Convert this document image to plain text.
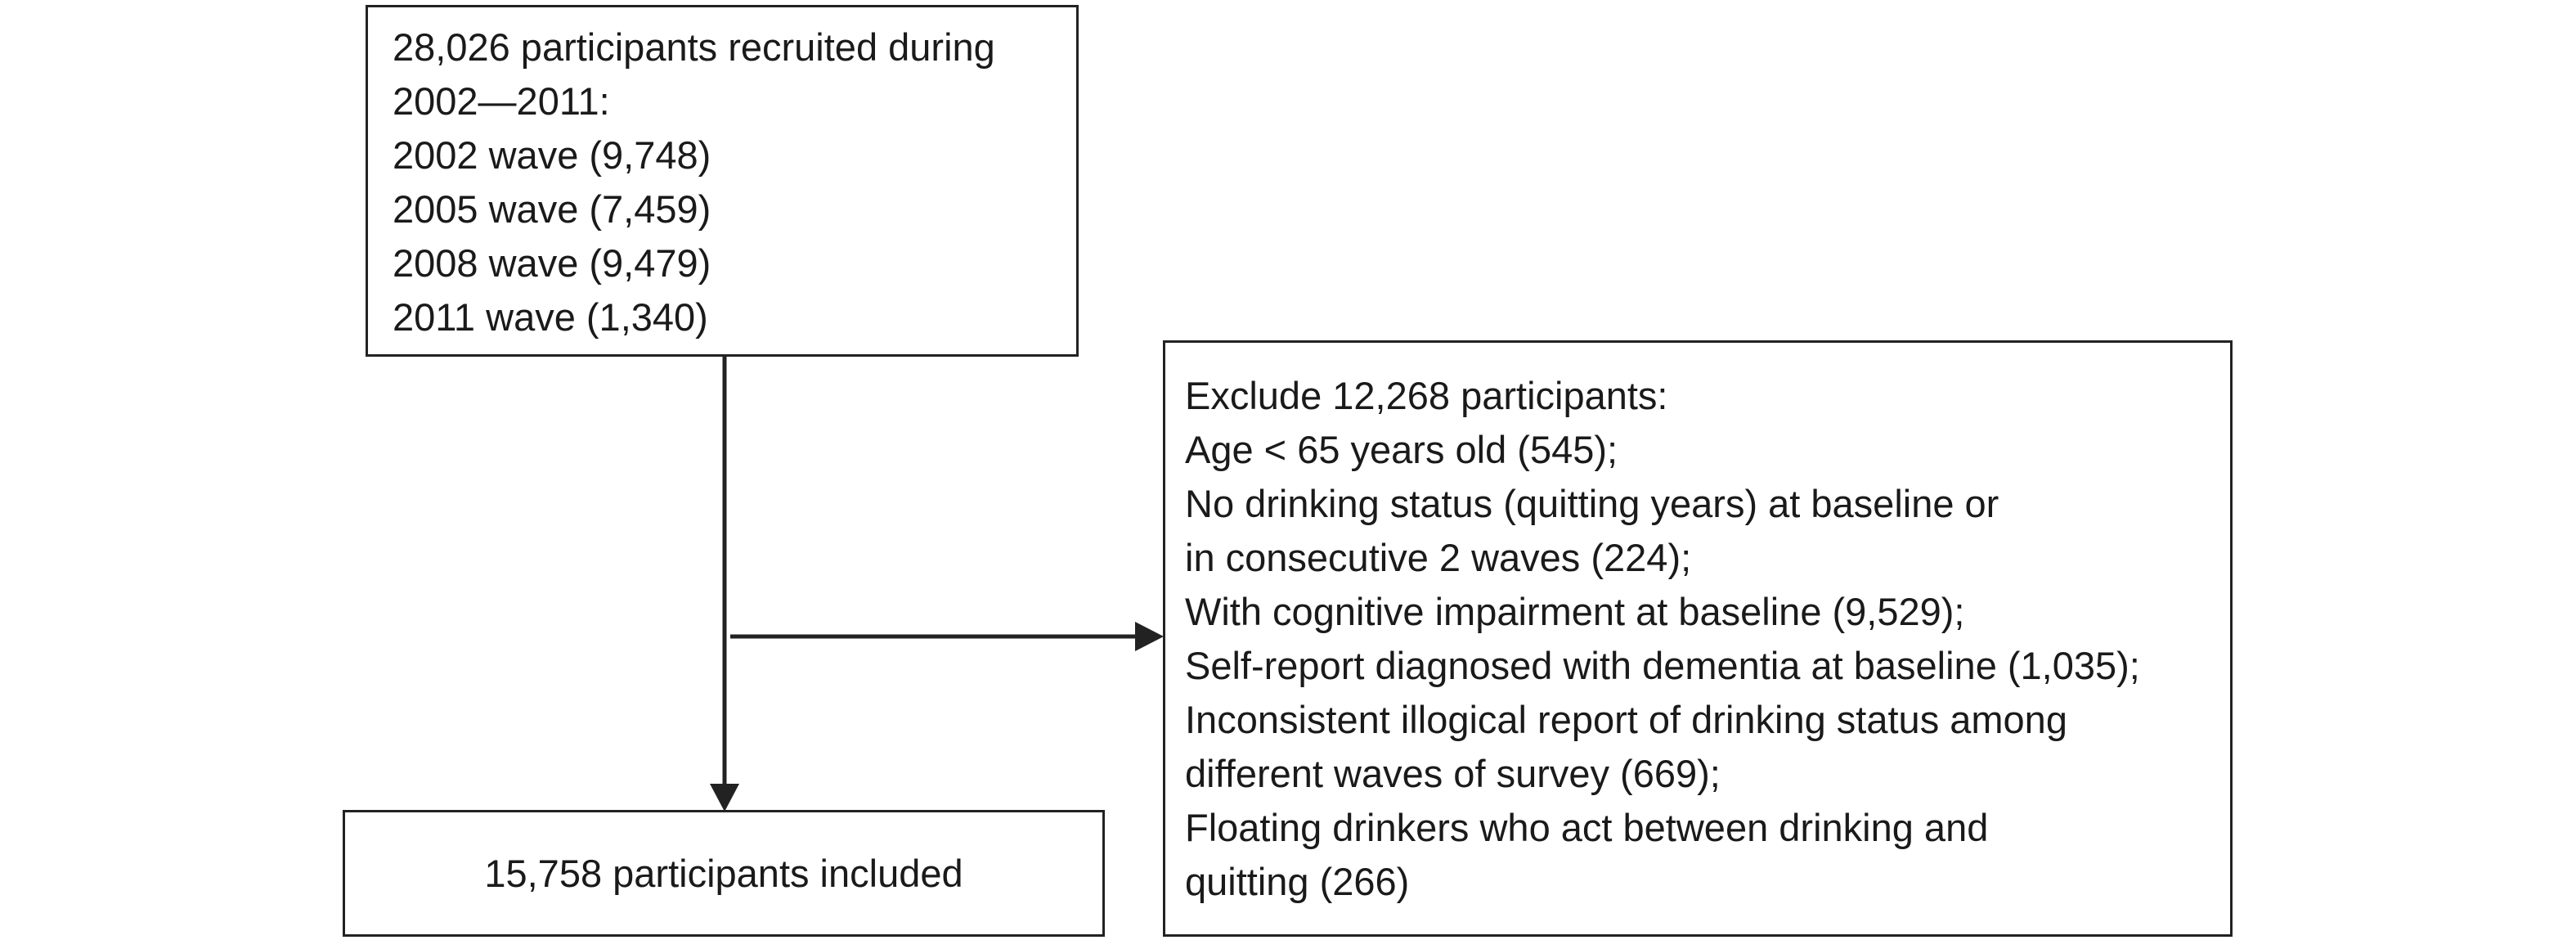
28,026 participants recruited during
2002—2011:
2002 wave (9,748)
2005 wave (7,459)
2008 wave (9,479)
2011 wave (1,340)
Exclude 12,268 participants:
Age < 65 years old (545);
No drinking status (quitting years) at baseline or
in consecutive 2 waves (224);
With cognitive impairment at baseline (9,529);
Self-report diagnosed with dementia at baseline (1,035);
Inconsistent illogical report of drinking status among
different waves of survey (669);
Floating drinkers who act between drinking and
quitting (266)
15,758 participants included
